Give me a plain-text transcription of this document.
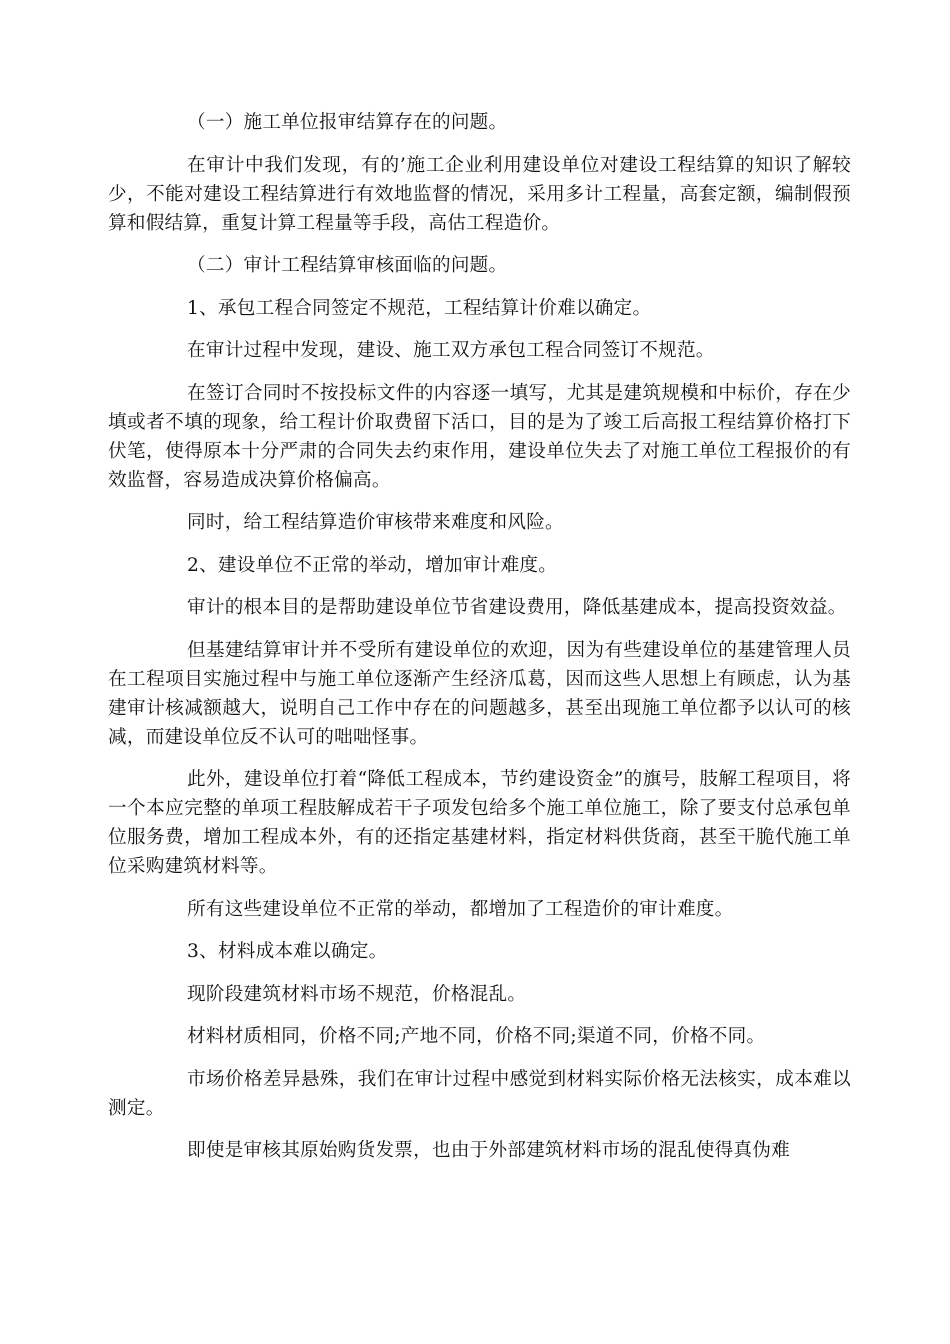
（一）施工单位报审结算存在的问题。

在审计中我们发现，有的’施工企业利用建设单位对建设工程结算的知识了解较少，不能对建设工程结算进行有效地监督的情况，采用多计工程量，高套定额，编制假预算和假结算，重复计算工程量等手段，高估工程造价。

（二）审计工程结算审核面临的问题。

1、承包工程合同签定不规范，工程结算计价难以确定。

在审计过程中发现，建设、施工双方承包工程合同签订不规范。

在签订合同时不按投标文件的内容逐一填写，尤其是建筑规模和中标价，存在少填或者不填的现象，给工程计价取费留下活口，目的是为了竣工后高报工程结算价格打下伏笔，使得原本十分严肃的合同失去约束作用，建设单位失去了对施工单位工程报价的有效监督，容易造成决算价格偏高。

同时，给工程结算造价审核带来难度和风险。

2、建设单位不正常的举动，增加审计难度。

审计的根本目的是帮助建设单位节省建设费用，降低基建成本，提高投资效益。

但基建结算审计并不受所有建设单位的欢迎，因为有些建设单位的基建管理人员在工程项目实施过程中与施工单位逐渐产生经济瓜葛，因而这些人思想上有顾虑，认为基建审计核减额越大，说明自己工作中存在的问题越多，甚至出现施工单位都予以认可的核减，而建设单位反不认可的咄咄怪事。

此外，建设单位打着“降低工程成本，节约建设资金”的旗号，肢解工程项目，将一个本应完整的单项工程肢解成若干子项发包给多个施工单位施工，除了要支付总承包单位服务费，增加工程成本外，有的还指定基建材料，指定材料供货商，甚至干脆代施工单位采购建筑材料等。

所有这些建设单位不正常的举动，都增加了工程造价的审计难度。

3、材料成本难以确定。

现阶段建筑材料市场不规范，价格混乱。

材料材质相同，价格不同;产地不同，价格不同;渠道不同，价格不同。

市场价格差异悬殊，我们在审计过程中感觉到材料实际价格无法核实，成本难以测定。

即使是审核其原始购货发票，也由于外部建筑材料市场的混乱使得真伪难
